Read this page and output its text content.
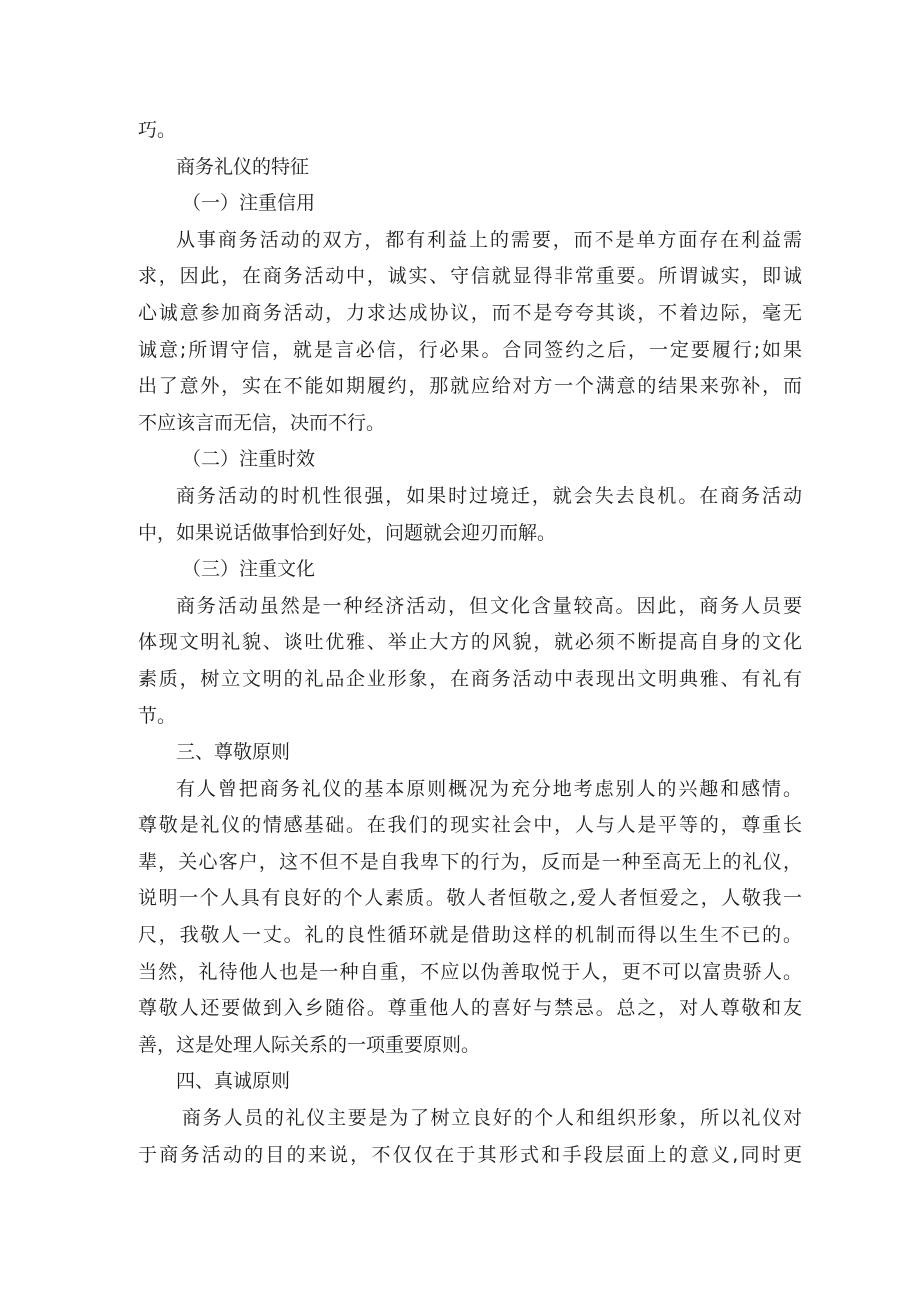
巧。
商务礼仪的特征
（一）注重信用
从事商务活动的双方，都有利益上的需要，而不是单方面存在利益需
求，因此，在商务活动中，诚实、守信就显得非常重要。所谓诚实，即诚
心诚意参加商务活动，力求达成协议，而不是夸夸其谈，不着边际，毫无
诚意;所谓守信，就是言必信，行必果。合同签约之后，一定要履行;如果
出了意外，实在不能如期履约，那就应给对方一个满意的结果来弥补，而
不应该言而无信，决而不行。
（二）注重时效
商务活动的时机性很强，如果时过境迁，就会失去良机。在商务活动
中，如果说话做事恰到好处，问题就会迎刃而解。
（三）注重文化
商务活动虽然是一种经济活动，但文化含量较高。因此，商务人员要
体现文明礼貌、谈吐优雅、举止大方的风貌，就必须不断提高自身的文化
素质，树立文明的礼品企业形象，在商务活动中表现出文明典雅、有礼有
节。
三、尊敬原则
有人曾把商务礼仪的基本原则概况为充分地考虑别人的兴趣和感情。
尊敬是礼仪的情感基础。在我们的现实社会中，人与人是平等的，尊重长
辈，关心客户，这不但不是自我卑下的行为，反而是一种至高无上的礼仪，
说明一个人具有良好的个人素质。敬人者恒敬之,爱人者恒爱之，人敬我一
尺，我敬人一丈。礼的良性循环就是借助这样的机制而得以生生不已的。
当然，礼待他人也是一种自重，不应以伪善取悦于人，更不可以富贵骄人。
尊敬人还要做到入乡随俗。尊重他人的喜好与禁忌。总之，对人尊敬和友
善，这是处理人际关系的一项重要原则。
四、真诚原则
商务人员的礼仪主要是为了树立良好的个人和组织形象，所以礼仪对
于商务活动的目的来说，不仅仅在于其形式和手段层面上的意义,同时更
